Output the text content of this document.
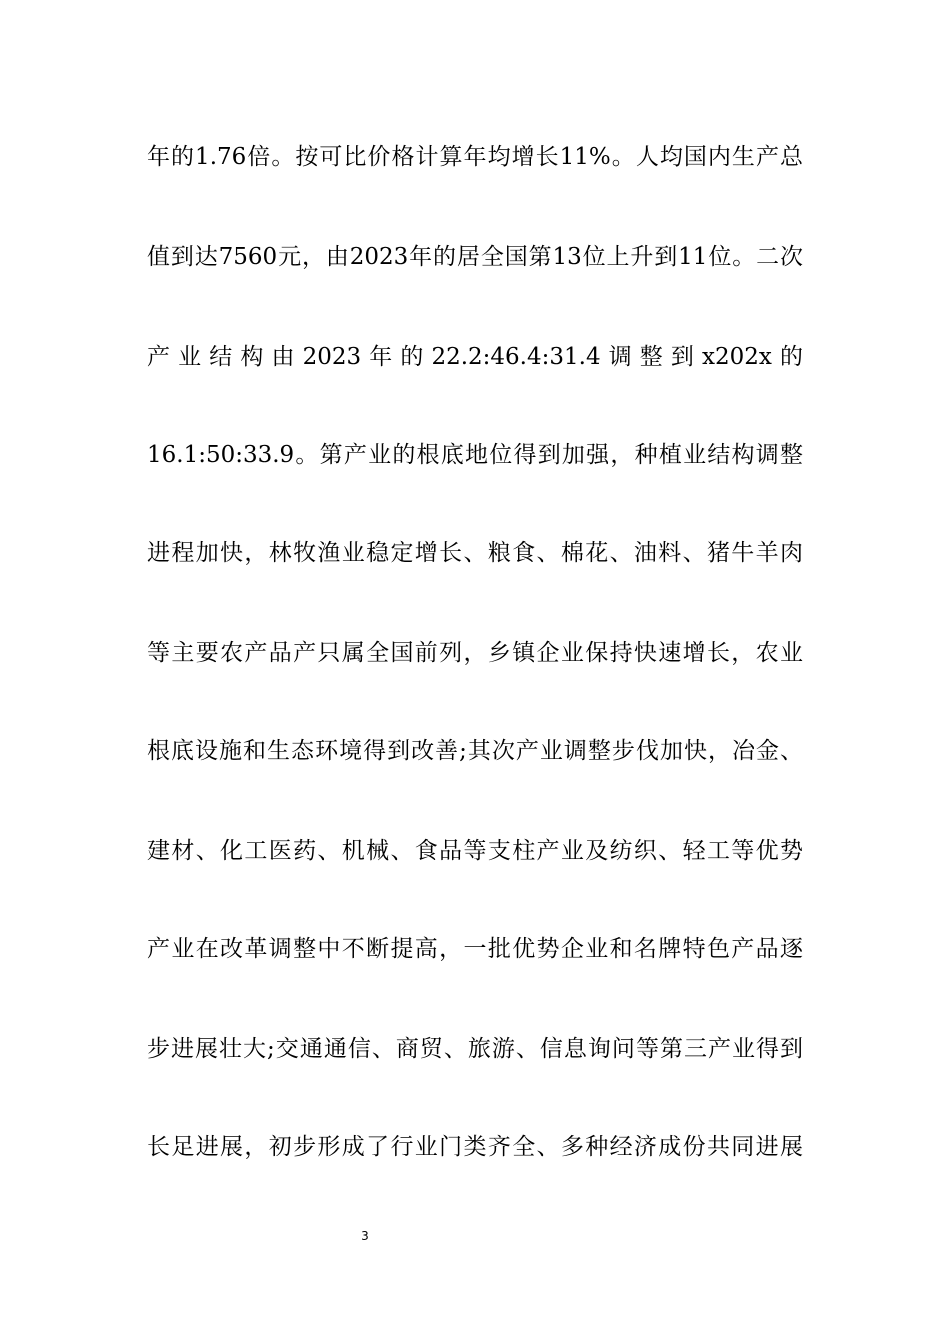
年的1.76倍。按可比价格计算年均增长11%。人均国内生产总
值到达7560元，由2023年的居全国第13位上升到11位。二次
产业结构由2023年的22.2:46.4:31.4调整到x202x的
16.1:50:33.9。第产业的根底地位得到加强，种植业结构调整
进程加快，林牧渔业稳定增长、粮食、棉花、油料、猪牛羊肉
等主要农产品产只属全国前列，乡镇企业保持快速增长，农业
根底设施和生态环境得到改善;其次产业调整步伐加快，冶金、
建材、化工医药、机械、食品等支柱产业及纺织、轻工等优势
产业在改革调整中不断提高，一批优势企业和名牌特色产品逐
步进展壮大;交通通信、商贸、旅游、信息询问等第三产业得到
长足进展，初步形成了行业门类齐全、多种经济成份共同进展
3
